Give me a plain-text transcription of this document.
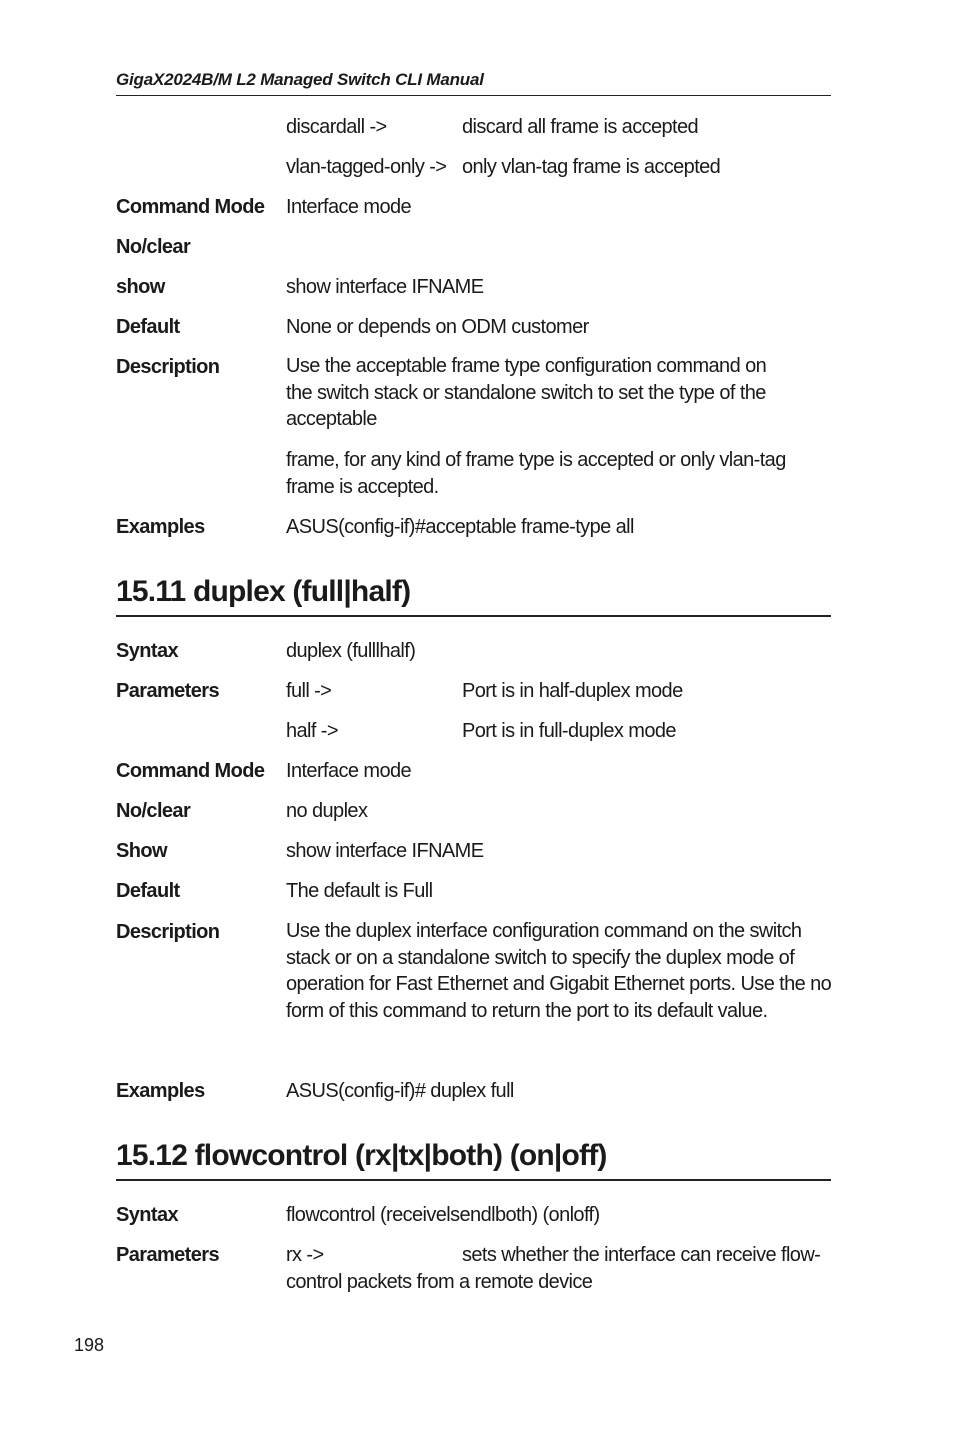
GigaX2024B/M L2 Managed Switch CLI Manual
discardall ->	discard all frame is accepted
vlan-tagged-only -> only vlan-tag frame is accepted
Command Mode Interface mode
No/clear
show	show interface IFNAME
Default	None or depends on ODM customer
Description	Use the acceptable frame type configuration command on the switch stack or standalone switch to set the type of the acceptable
frame, for any kind of frame type is accepted or only vlan-tag frame is accepted.
Examples	ASUS(config-if)#acceptable frame-type all
15.11 duplex (full|half)
Syntax	duplex (fulllhalf)
Parameters	full ->	Port is in half-duplex mode
half ->	Port is in full-duplex mode
Command Mode Interface mode
No/clear	no duplex
Show	show interface IFNAME
Default	The default is Full
Description	Use the duplex interface configuration command on the switch stack or on a standalone switch to specify the duplex mode of operation for Fast Ethernet and Gigabit Ethernet ports. Use the no form of this command to return the port to its default value.
Examples	ASUS(config-if)# duplex full
15.12 flowcontrol (rx|tx|both) (on|off)
Syntax	flowcontrol (receivelsendlboth) (onloff)
Parameters	rx ->	sets whether the interface can receive flow-
control packets from a remote device
198
